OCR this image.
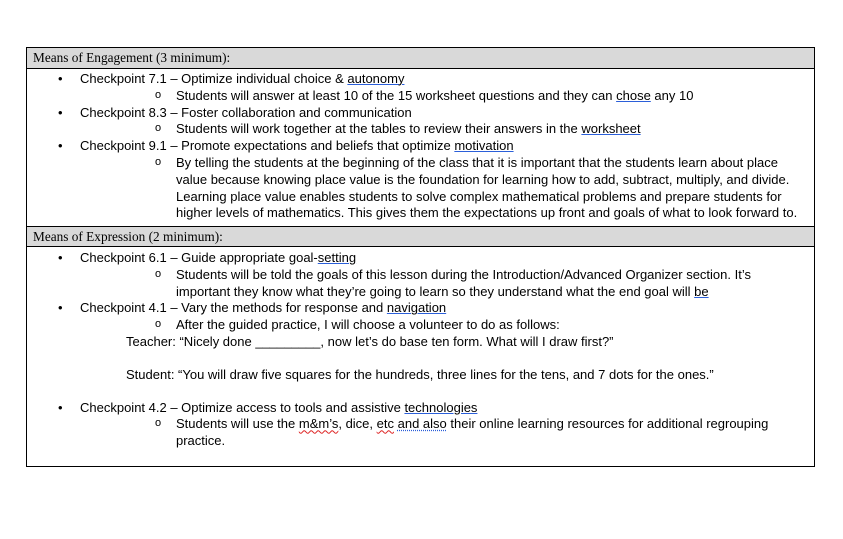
Means of Engagement (3 minimum):
• Checkpoint 7.1 – Optimize individual choice & autonomy
o Students will answer at least 10 of the 15 worksheet questions and they can chose any 10
• Checkpoint 8.3 – Foster collaboration and communication
o Students will work together at the tables to review their answers in the worksheet
• Checkpoint 9.1 – Promote expectations and beliefs that optimize motivation
o By telling the students at the beginning of the class that it is important that the students learn about place value because knowing place value is the foundation for learning how to add, subtract, multiply, and divide. Learning place value enables students to solve complex mathematical problems and prepare students for higher levels of mathematics. This gives them the expectations up front and goals of what to look forward to.
Means of Expression (2 minimum):
• Checkpoint 6.1 – Guide appropriate goal-setting
o Students will be told the goals of this lesson during the Introduction/Advanced Organizer section. It’s important they know what they’re going to learn so they understand what the end goal will be
• Checkpoint 4.1 – Vary the methods for response and navigation
o After the guided practice, I will choose a volunteer to do as follows:
Teacher: “Nicely done _________, now let’s do base ten form. What will I draw first?”
Student: “You will draw five squares for the hundreds, three lines for the tens, and 7 dots for the ones.”
• Checkpoint 4.2 – Optimize access to tools and assistive technologies
o Students will use the m&m’s, dice, etc and also their online learning resources for additional regrouping practice.
